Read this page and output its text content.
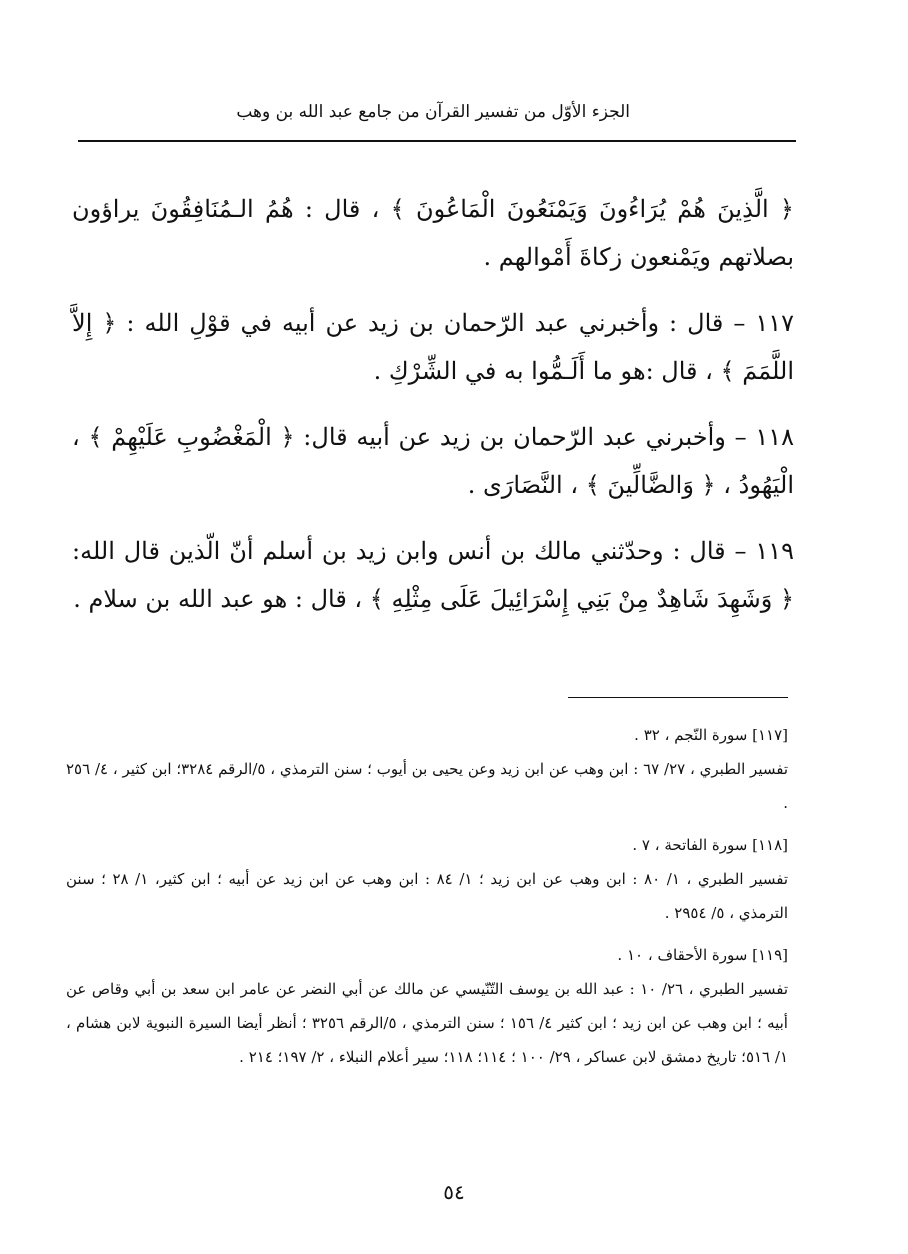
الجزء الأوّل من تفسير القرآن من جامع عبد الله بن وهب

﴿ الَّذِينَ هُمْ يُرَاءُونَ وَيَمْنَعُونَ الْمَاعُونَ ﴾ ، قال : هُمُ الـمُنَافِقُونَ يراؤون بصلاتهم ويَمْنعون زكاةَ أَمْوالهم .

١١٧ – قال : وأخبرني عبد الرّحمان بن زيد عن أبيه في قوْلِ الله : ﴿ إِلاَّ اللَّمَمَ ﴾ ، قال :هو ما أَلَـمُّوا به في الشِّرْكِ .

١١٨ – وأخبرني عبد الرّحمان بن زيد عن أبيه قال: ﴿ الْمَغْضُوبِ عَلَيْهِمْ ﴾ ، الْيَهُودُ ، ﴿ وَالضَّالِّينَ ﴾ ، النَّصَارَى .

١١٩ – قال : وحدّثني مالك بن أنس وابن زيد بن أسلم أنّ الّذين قال الله: ﴿ وَشَهِدَ شَاهِدٌ مِنْ بَنِي إِسْرَائِيلَ عَلَى مِثْلِهِ ﴾ ، قال : هو عبد الله بن سلام .

[١١٧] سورة النّجم ، ٣٢ .

تفسير الطبري ، ٢٧/ ٦٧ : ابن وهب عن ابن زيد وعن يحيى بن أيوب ؛ سنن الترمذي ، ٥/الرقم ٣٢٨٤؛ ابن كثير ، ٤/ ٢٥٦ .

[١١٨] سورة الفاتحة ، ٧ .

تفسير الطبري ، ١/ ٨٠ : ابن وهب عن ابن زيد ؛ ١/ ٨٤ : ابن وهب عن ابن زيد عن أبيه ؛ ابن كثير، ١/ ٢٨ ؛ سنن الترمذي ، ٥/ ٢٩٥٤ .

[١١٩] سورة الأحقاف ، ١٠ .

تفسير الطبري ، ٢٦/ ١٠ : عبد الله بن يوسف التّنّيسي عن مالك عن أبي النضر عن عامر ابن سعد بن أبي وقاص عن أبيه ؛ ابن وهب عن ابن زيد ؛ ابن كثير ٤/ ١٥٦ ؛ سنن الترمذي ، ٥/الرقم ٣٢٥٦ ؛ أنظر أيضا السيرة النبوية لابن هشام ، ١/ ٥١٦؛ تاريخ دمشق لابن عساكر ، ٢٩/ ١٠٠ ؛ ١١٤؛ ١١٨؛ سير أعلام النبلاء ، ٢/ ١٩٧؛ ٢١٤ .

٥٤
